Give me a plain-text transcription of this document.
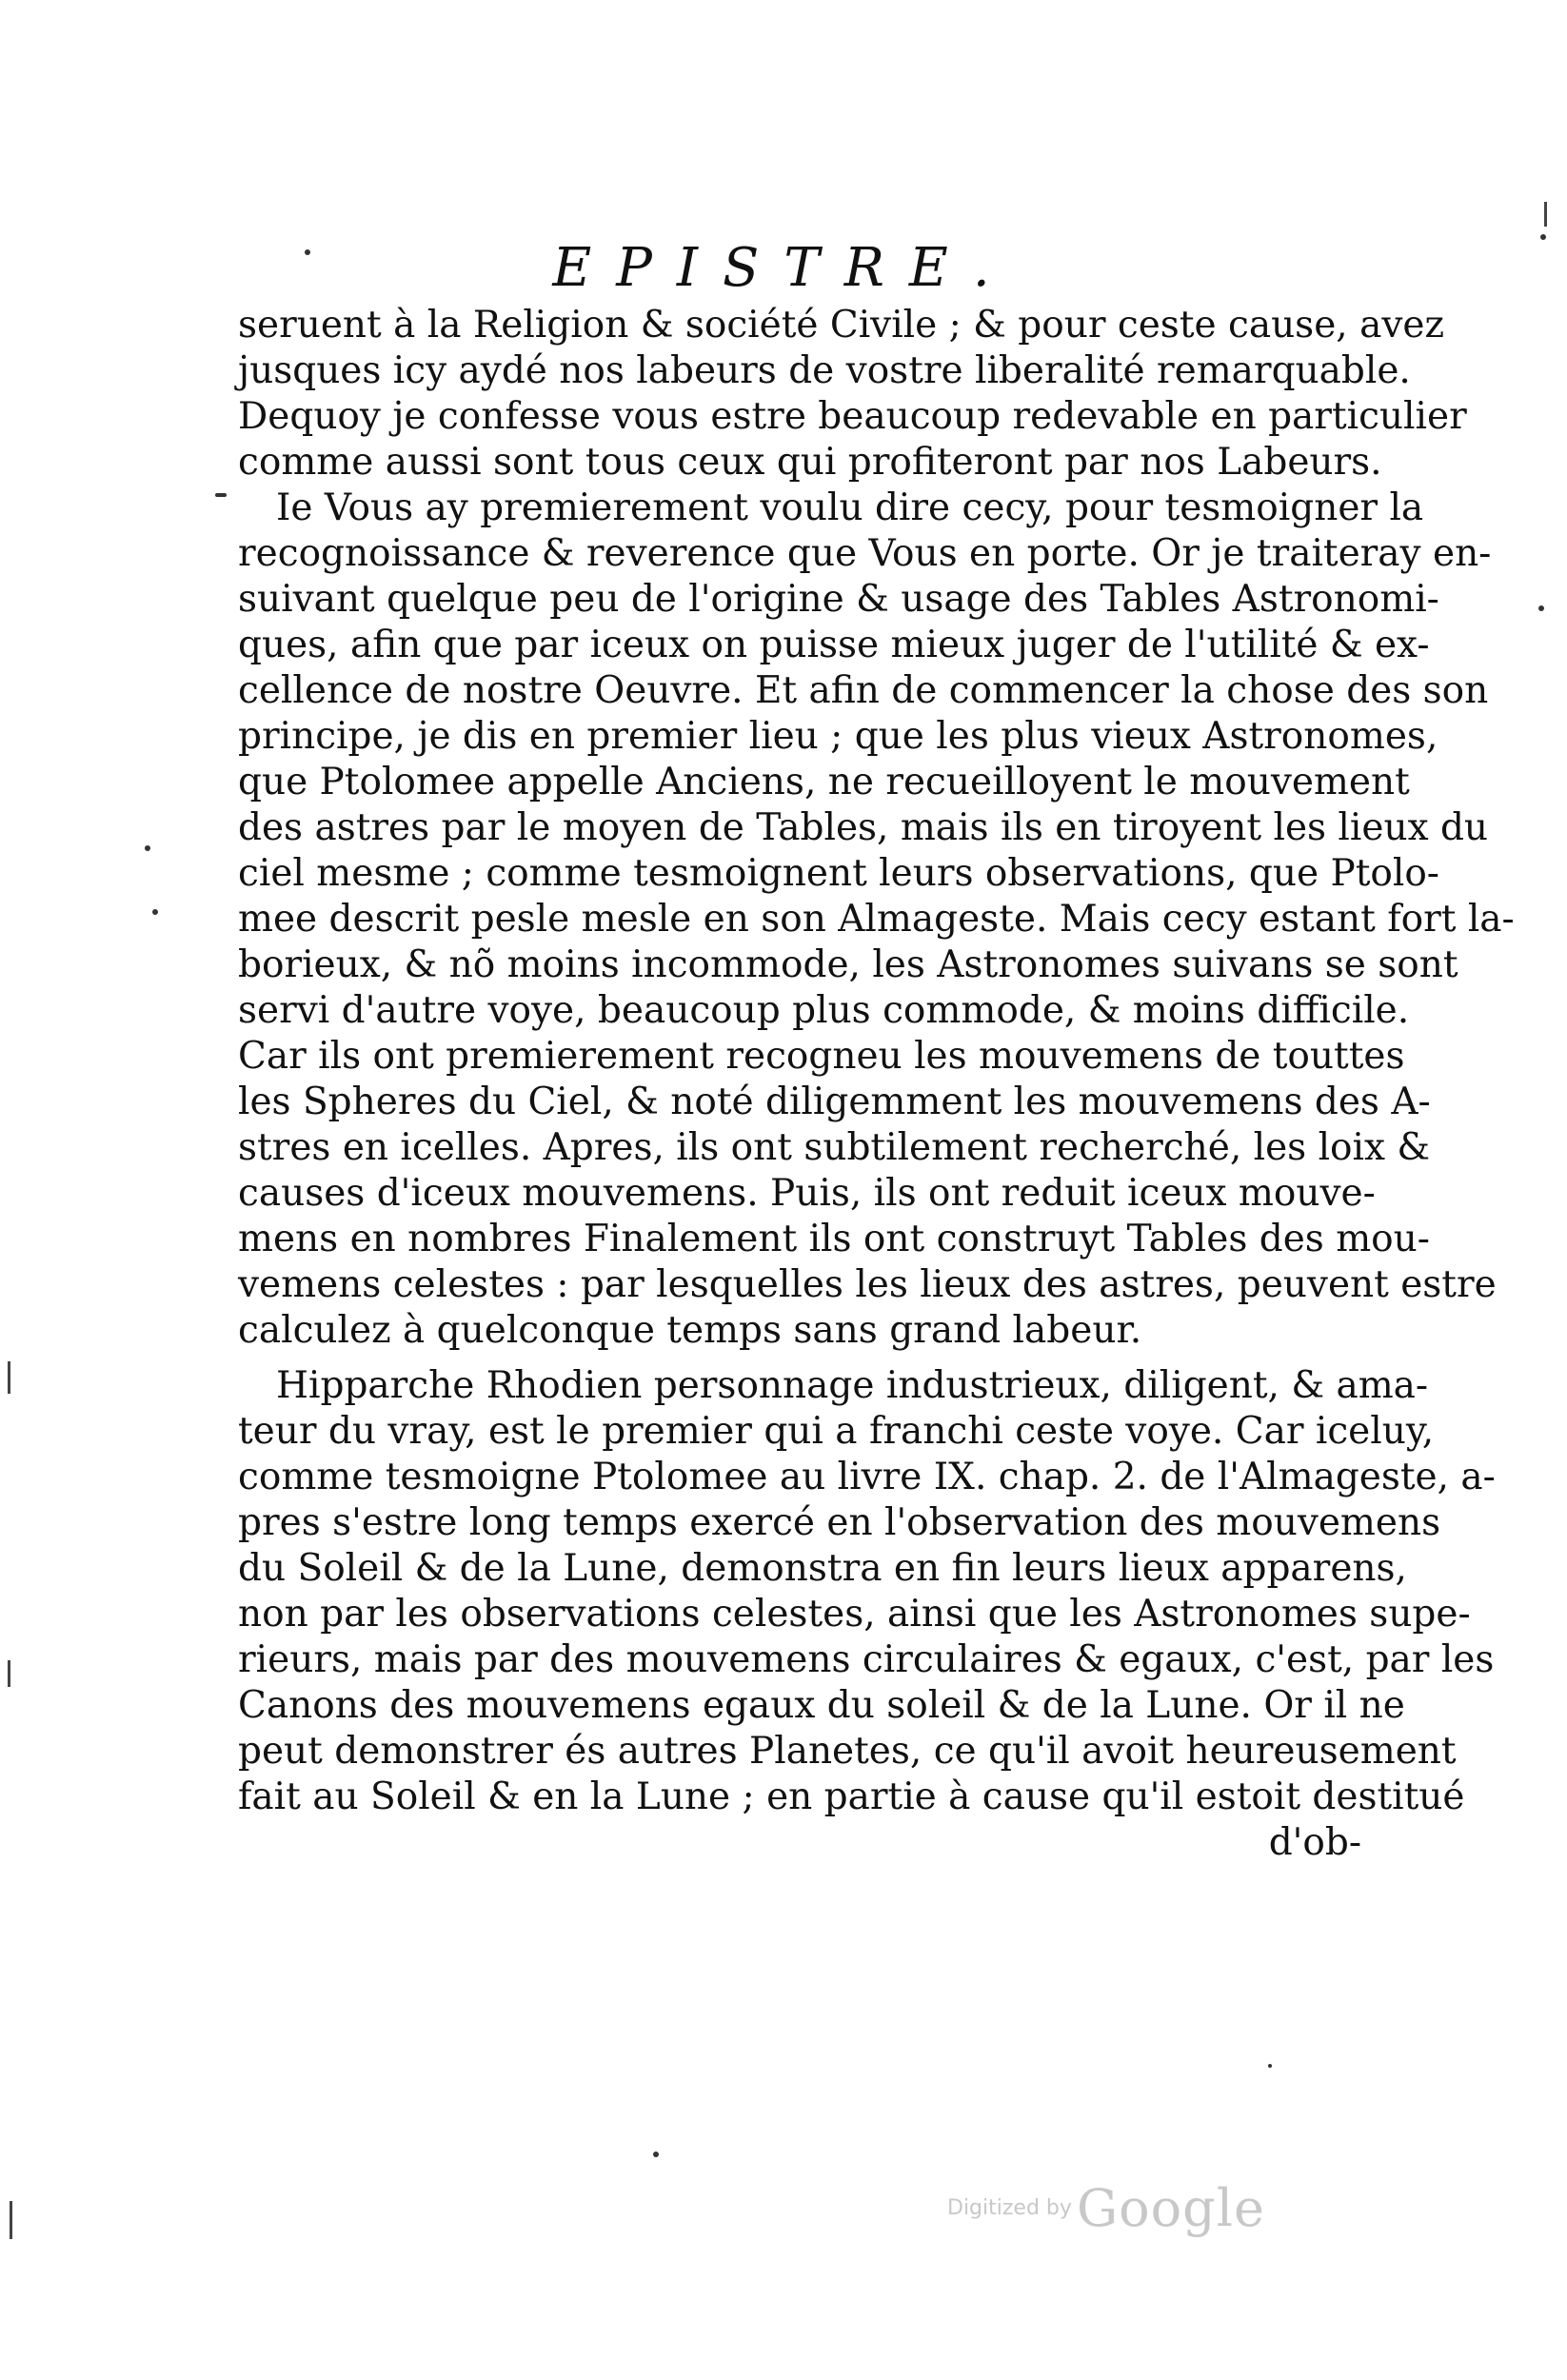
EPISTRE.
seruent à la Religion & société Civile ; & pour ceste cause, avez
jusques icy aydé nos labeurs de vostre liberalité remarquable.
Dequoy je confesse vous estre beaucoup redevable en particulier
comme aussi sont tous ceux qui profiteront par nos Labeurs.
Ie Vous ay premierement voulu dire cecy, pour tesmoigner la
recognoissance & reverence que Vous en porte. Or je traiteray en-
suivant quelque peu de l'origine & usage des Tables Astronomi-
ques, afin que par iceux on puisse mieux juger de l'utilité & ex-
cellence de nostre Oeuvre. Et afin de commencer la chose des son
principe, je dis en premier lieu ; que les plus vieux Astronomes,
que Ptolomee appelle Anciens, ne recueilloyent le mouvement
des astres par le moyen de Tables, mais ils en tiroyent les lieux du
ciel mesme ; comme tesmoignent leurs observations, que Ptolo-
mee descrit pesle mesle en son Almageste. Mais cecy estant fort la-
borieux, & nõ moins incommode, les Astronomes suivans se sont
servi d'autre voye, beaucoup plus commode, & moins difficile.
Car ils ont premierement recogneu les mouvemens de touttes
les Spheres du Ciel, & noté diligemment les mouvemens des A-
stres en icelles. Apres, ils ont subtilement recherché, les loix &
causes d'iceux mouvemens. Puis, ils ont reduit iceux mouve-
mens en nombres Finalement ils ont construyt Tables des mou-
vemens celestes : par lesquelles les lieux des astres, peuvent estre
calculez à quelconque temps sans grand labeur.
Hipparche Rhodien personnage industrieux, diligent, & ama-
teur du vray, est le premier qui a franchi ceste voye. Car iceluy,
comme tesmoigne Ptolomee au livre IX. chap. 2. de l'Almageste, a-
pres s'estre long temps exercé en l'observation des mouvemens
du Soleil & de la Lune, demonstra en fin leurs lieux apparens,
non par les observations celestes, ainsi que les Astronomes supe-
rieurs, mais par des mouvemens circulaires & egaux, c'est, par les
Canons des mouvemens egaux du soleil & de la Lune. Or il ne
peut demonstrer és autres Planetes, ce qu'il avoit heureusement
fait au Soleil & en la Lune ; en partie à cause qu'il estoit destitué
d'ob-
Digitized by Google
